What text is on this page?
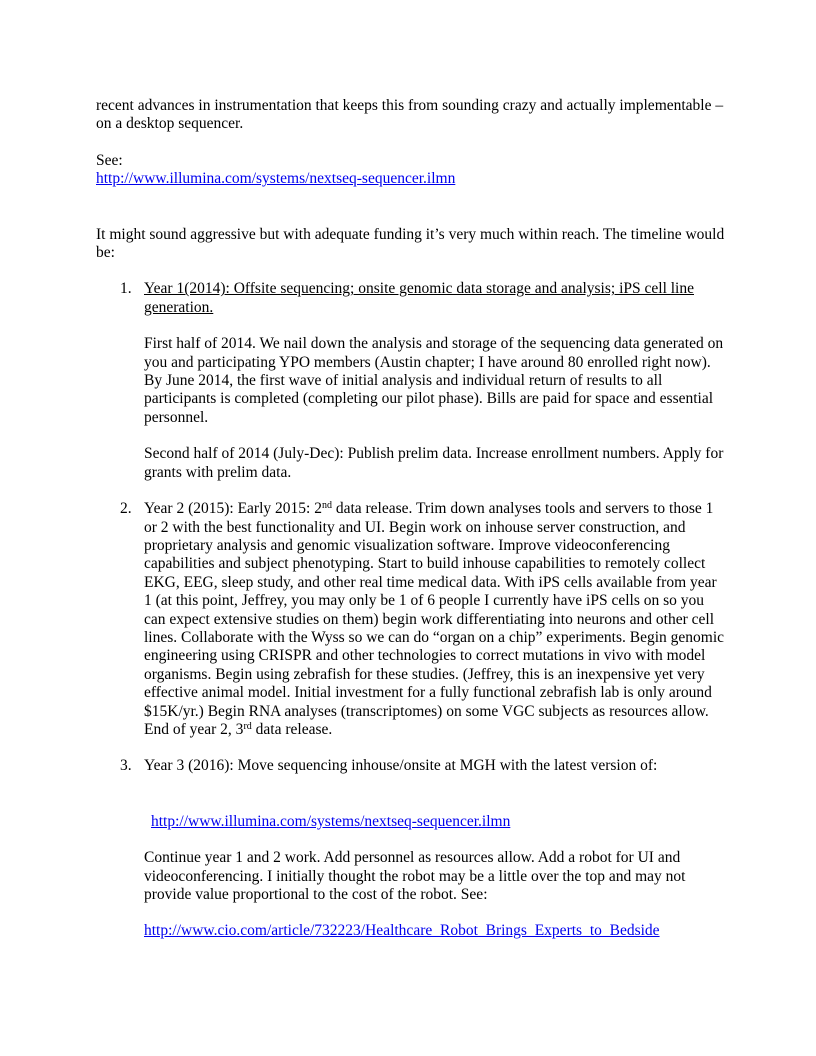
recent advances in instrumentation that keeps this from sounding crazy and actually implementable – on a desktop sequencer.

See:

http://www.illumina.com/systems/nextseq-sequencer.ilmn

It might sound aggressive but with adequate funding it’s very much within reach. The timeline would be:

1. Year 1(2014): Offsite sequencing; onsite genomic data storage and analysis; iPS cell line generation.

First half of 2014. We nail down the analysis and storage of the sequencing data generated on you and participating YPO members (Austin chapter; I have around 80 enrolled right now). By June 2014, the first wave of initial analysis and individual return of results to all participants is completed (completing our pilot phase). Bills are paid for space and essential personnel.

Second half of 2014 (July-Dec): Publish prelim data. Increase enrollment numbers. Apply for grants with prelim data.

2. Year 2 (2015): Early 2015: 2nd data release. Trim down analyses tools and servers to those 1 or 2 with the best functionality and UI. Begin work on inhouse server construction, and proprietary analysis and genomic visualization software. Improve videoconferencing capabilities and subject phenotyping. Start to build inhouse capabilities to remotely collect EKG, EEG, sleep study, and other real time medical data. With iPS cells available from year 1 (at this point, Jeffrey, you may only be 1 of 6 people I currently have iPS cells on so you can expect extensive studies on them) begin work differentiating into neurons and other cell lines. Collaborate with the Wyss so we can do “organ on a chip” experiments. Begin genomic engineering using CRISPR and other technologies to correct mutations in vivo with model organisms. Begin using zebrafish for these studies. (Jeffrey, this is an inexpensive yet very effective animal model. Initial investment for a fully functional zebrafish lab is only around $15K/yr.) Begin RNA analyses (transcriptomes) on some VGC subjects as resources allow. End of year 2, 3rd data release.

3. Year 3 (2016): Move sequencing inhouse/onsite at MGH with the latest version of:

http://www.illumina.com/systems/nextseq-sequencer.ilmn

Continue year 1 and 2 work. Add personnel as resources allow. Add a robot for UI and videoconferencing. I initially thought the robot may be a little over the top and may not provide value proportional to the cost of the robot. See:

http://www.cio.com/article/732223/Healthcare_Robot_Brings_Experts_to_Bedside
